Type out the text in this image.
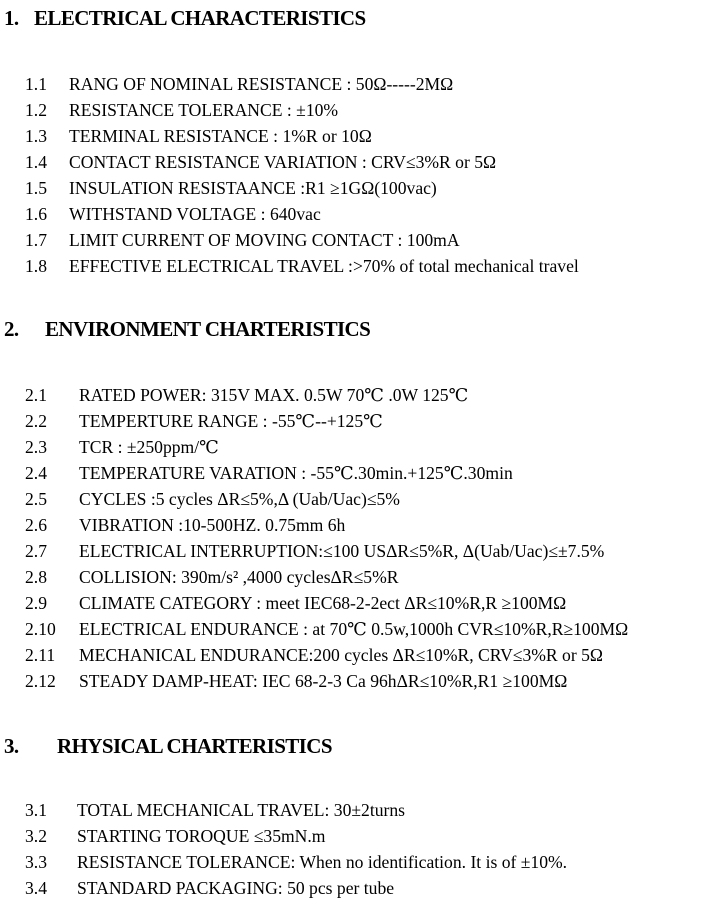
1. ELECTRICAL CHARACTERISTICS
1.1 RANG OF NOMINAL RESISTANCE : 50Ω-----2MΩ
1.2 RESISTANCE TOLERANCE : ±10%
1.3 TERMINAL RESISTANCE : 1%R or 10Ω
1.4 CONTACT RESISTANCE VARIATION : CRV≤3%R or 5Ω
1.5 INSULATION RESISTAANCE :R1 ≥1GΩ(100vac)
1.6 WITHSTAND VOLTAGE : 640vac
1.7 LIMIT CURRENT OF MOVING CONTACT : 100mA
1.8 EFFECTIVE ELECTRICAL TRAVEL :>70% of total mechanical travel
2. ENVIRONMENT CHARTERISTICS
2.1 RATED POWER: 315V MAX. 0.5W 70℃ .0W 125℃
2.2 TEMPERTURE RANGE : -55℃--+125℃
2.3 TCR : ±250ppm/℃
2.4 TEMPERATURE VARATION : -55℃.30min.+125℃.30min
2.5 CYCLES :5 cycles ΔR≤5%,Δ (Uab/Uac)≤5%
2.6 VIBRATION :10-500HZ. 0.75mm 6h
2.7 ELECTRICAL INTERRUPTION:≤100 USΔR≤5%R, Δ(Uab/Uac)≤±7.5%
2.8 COLLISION: 390m/s² ,4000 cyclesΔR≤5%R
2.9 CLIMATE CATEGORY : meet IEC68-2-2ect ΔR≤10%R,R ≥100MΩ
2.10 ELECTRICAL ENDURANCE : at 70℃ 0.5w,1000h CVR≤10%R,R≥100MΩ
2.11 MECHANICAL ENDURANCE:200 cycles ΔR≤10%R, CRV≤3%R or 5Ω
2.12 STEADY DAMP-HEAT: IEC 68-2-3 Ca 96hΔR≤10%R,R1 ≥100MΩ
3. RHYSICAL CHARTERISTICS
3.1 TOTAL MECHANICAL TRAVEL: 30±2turns
3.2 STARTING TOROQUE ≤35mN.m
3.3 RESISTANCE TOLERANCE: When no identification. It is of ±10%.
3.4 STANDARD PACKAGING: 50 pcs per tube
